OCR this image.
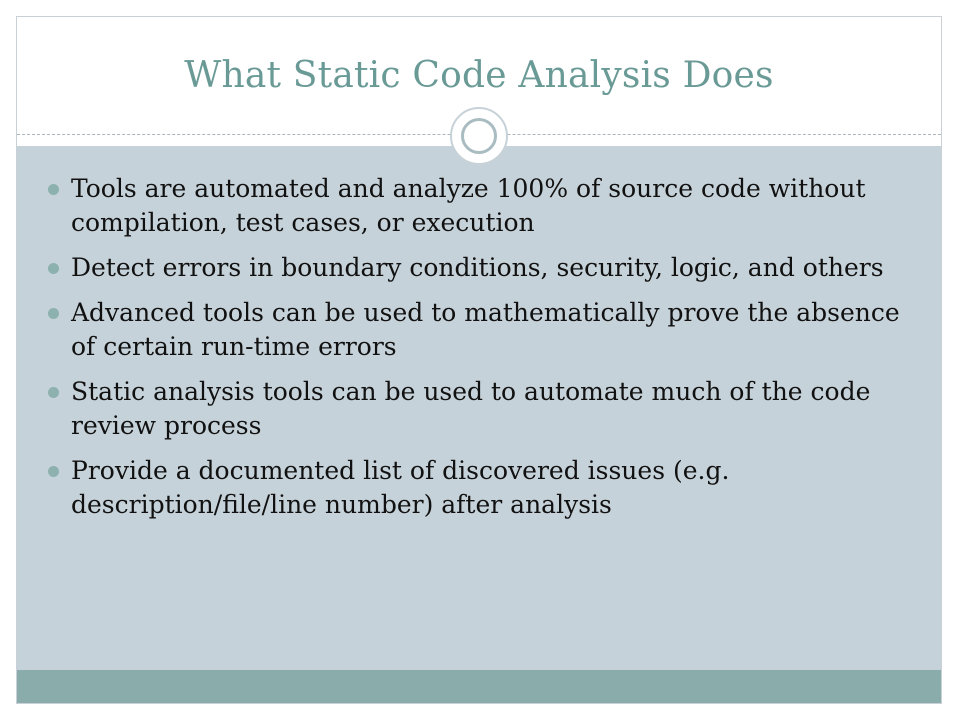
What Static Code Analysis Does
Tools are automated and analyze 100% of source code without compilation, test cases, or execution
Detect errors in boundary conditions, security, logic, and others
Advanced tools can be used to mathematically prove the absence of certain run-time errors
Static analysis tools can be used to automate much of the code review process
Provide a documented list of discovered issues (e.g. description/file/line number) after analysis
